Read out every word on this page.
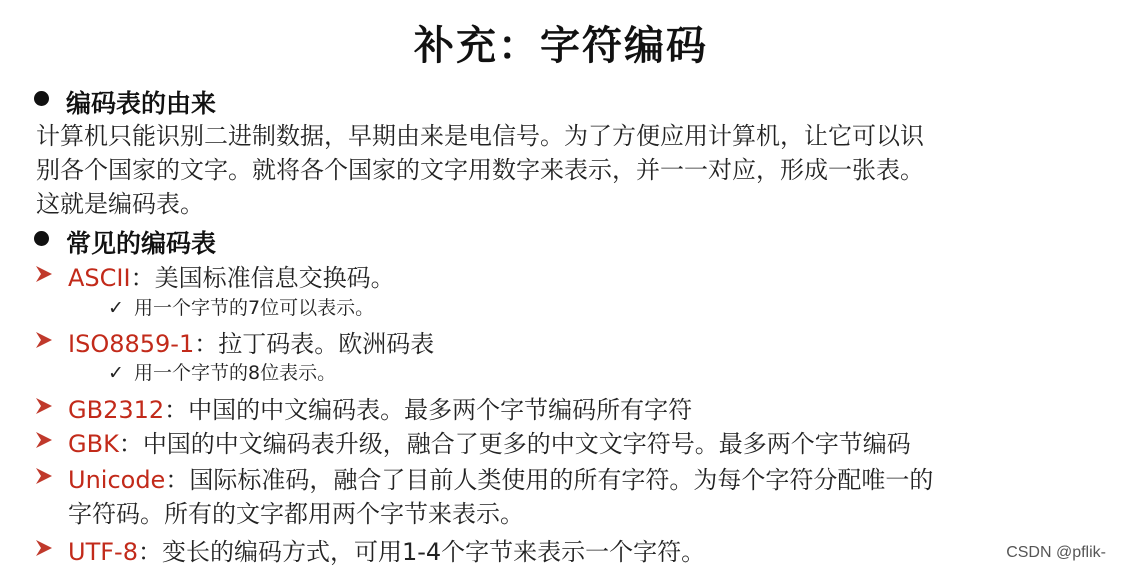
补充：字符编码
编码表的由来
计算机只能识别二进制数据，早期由来是电信号。为了方便应用计算机，让它可以识
别各个国家的文字。就将各个国家的文字用数字来表示，并一一对应，形成一张表。
这就是编码表。
常见的编码表
ASCII：美国标准信息交换码。
✓ 用一个字节的7位可以表示。
ISO8859-1：拉丁码表。欧洲码表
✓ 用一个字节的8位表示。
GB2312：中国的中文编码表。最多两个字节编码所有字符
GBK：中国的中文编码表升级，融合了更多的中文文字符号。最多两个字节编码
Unicode：国际标准码，融合了目前人类使用的所有字符。为每个字符分配唯一的
字符码。所有的文字都用两个字节来表示。
UTF-8：变长的编码方式，可用1-4个字节来表示一个字符。	CSDN @pflik-
